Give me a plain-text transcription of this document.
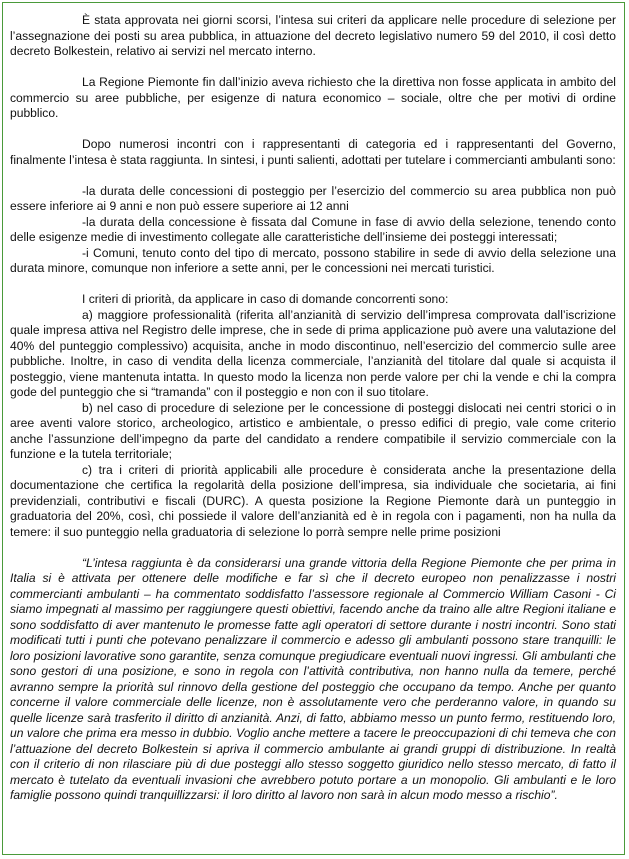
È stata approvata nei giorni scorsi, l’intesa sui criteri da applicare nelle procedure di selezione per l’assegnazione dei posti su area pubblica, in attuazione del decreto legislativo numero 59 del 2010, il così detto decreto Bolkestein, relativo ai servizi nel mercato interno.

La Regione Piemonte fin dall’inizio aveva richiesto che la direttiva non fosse applicata in ambito del commercio su aree pubbliche, per esigenze di natura economico – sociale, oltre che per motivi di ordine pubblico.

Dopo numerosi incontri con i rappresentanti di categoria ed i rappresentanti del Governo, finalmente l’intesa è stata raggiunta. In sintesi, i punti salienti, adottati per tutelare i commercianti ambulanti sono:

-la durata delle concessioni di posteggio per l’esercizio del commercio su area pubblica non può essere inferiore ai 9 anni e non può essere superiore ai 12 anni

-la durata della concessione è fissata dal Comune in fase di avvio della selezione, tenendo conto delle esigenze medie di investimento collegate alle caratteristiche dell’insieme dei posteggi interessati;

-i Comuni, tenuto conto del tipo di mercato, possono stabilire in sede di avvio della selezione una durata minore, comunque non inferiore a sette anni, per le concessioni nei mercati turistici.

I criteri di priorità, da applicare in caso di domande concorrenti sono:

a) maggiore professionalità (riferita all’anzianità di servizio dell’impresa comprovata dall’iscrizione quale impresa attiva nel Registro delle imprese, che in sede di prima applicazione può avere una valutazione del 40% del punteggio complessivo) acquisita, anche in modo discontinuo, nell’esercizio del commercio sulle aree pubbliche. Inoltre, in caso di vendita della licenza commerciale, l’anzianità del titolare dal quale si acquista il posteggio, viene mantenuta intatta. In questo modo la licenza non perde valore per chi la vende e chi la compra gode del punteggio che si “tramanda” con il posteggio e non con il suo titolare.

b) nel caso di procedure di selezione per le concessione di posteggi dislocati nei centri storici o in aree aventi valore storico, archeologico, artistico e ambientale, o presso edifici di pregio, vale come criterio anche l’assunzione dell’impegno da parte del candidato a rendere compatibile il servizio commerciale con la funzione e la tutela territoriale;

c) tra i criteri di priorità applicabili alle procedure è considerata anche la presentazione della documentazione che certifica la regolarità della posizione dell’impresa, sia individuale che societaria, ai fini previdenziali, contributivi e fiscali (DURC). A questa posizione la Regione Piemonte darà un punteggio in graduatoria del 20%, così, chi possiede il valore dell’anzianità ed è in regola con i pagamenti, non ha nulla da temere: il suo punteggio nella graduatoria di selezione lo porrà sempre nelle prime posizioni

“L’intesa raggiunta è da considerarsi una grande vittoria della Regione Piemonte che per prima in Italia si è attivata per ottenere delle modifiche e far sì che il decreto europeo non penalizzasse i nostri commercianti ambulanti – ha commentato soddisfatto l’assessore regionale al Commercio William Casoni - Ci siamo impegnati al massimo per raggiungere questi obiettivi, facendo anche da traino alle altre Regioni italiane e sono soddisfatto di aver mantenuto le promesse fatte agli operatori di settore durante i nostri incontri. Sono stati modificati tutti i punti che potevano penalizzare il commercio e adesso gli ambulanti possono stare tranquilli: le loro posizioni lavorative sono garantite, senza comunque pregiudicare eventuali nuovi ingressi. Gli ambulanti che sono gestori di una posizione, e sono in regola con l’attività contributiva, non hanno nulla da temere, perché avranno sempre la priorità sul rinnovo della gestione del posteggio che occupano da tempo. Anche per quanto concerne il valore commerciale delle licenze, non è assolutamente vero che perderanno valore, in quando su quelle licenze sarà trasferito il diritto di anzianità. Anzi, di fatto, abbiamo messo un punto fermo, restituendo loro, un valore che prima era messo in dubbio. Voglio anche mettere a tacere le preoccupazioni di chi temeva che con l’attuazione del decreto Bolkestein si apriva il commercio ambulante ai grandi gruppi di distribuzione. In realtà con il criterio di non rilasciare più di due posteggi allo stesso soggetto giuridico nello stesso mercato, di fatto il mercato è tutelato da eventuali invasioni che avrebbero potuto portare a un monopolio. Gli ambulanti e le loro famiglie possono quindi tranquillizzarsi: il loro diritto al lavoro non sarà in alcun modo messo a rischio”.
